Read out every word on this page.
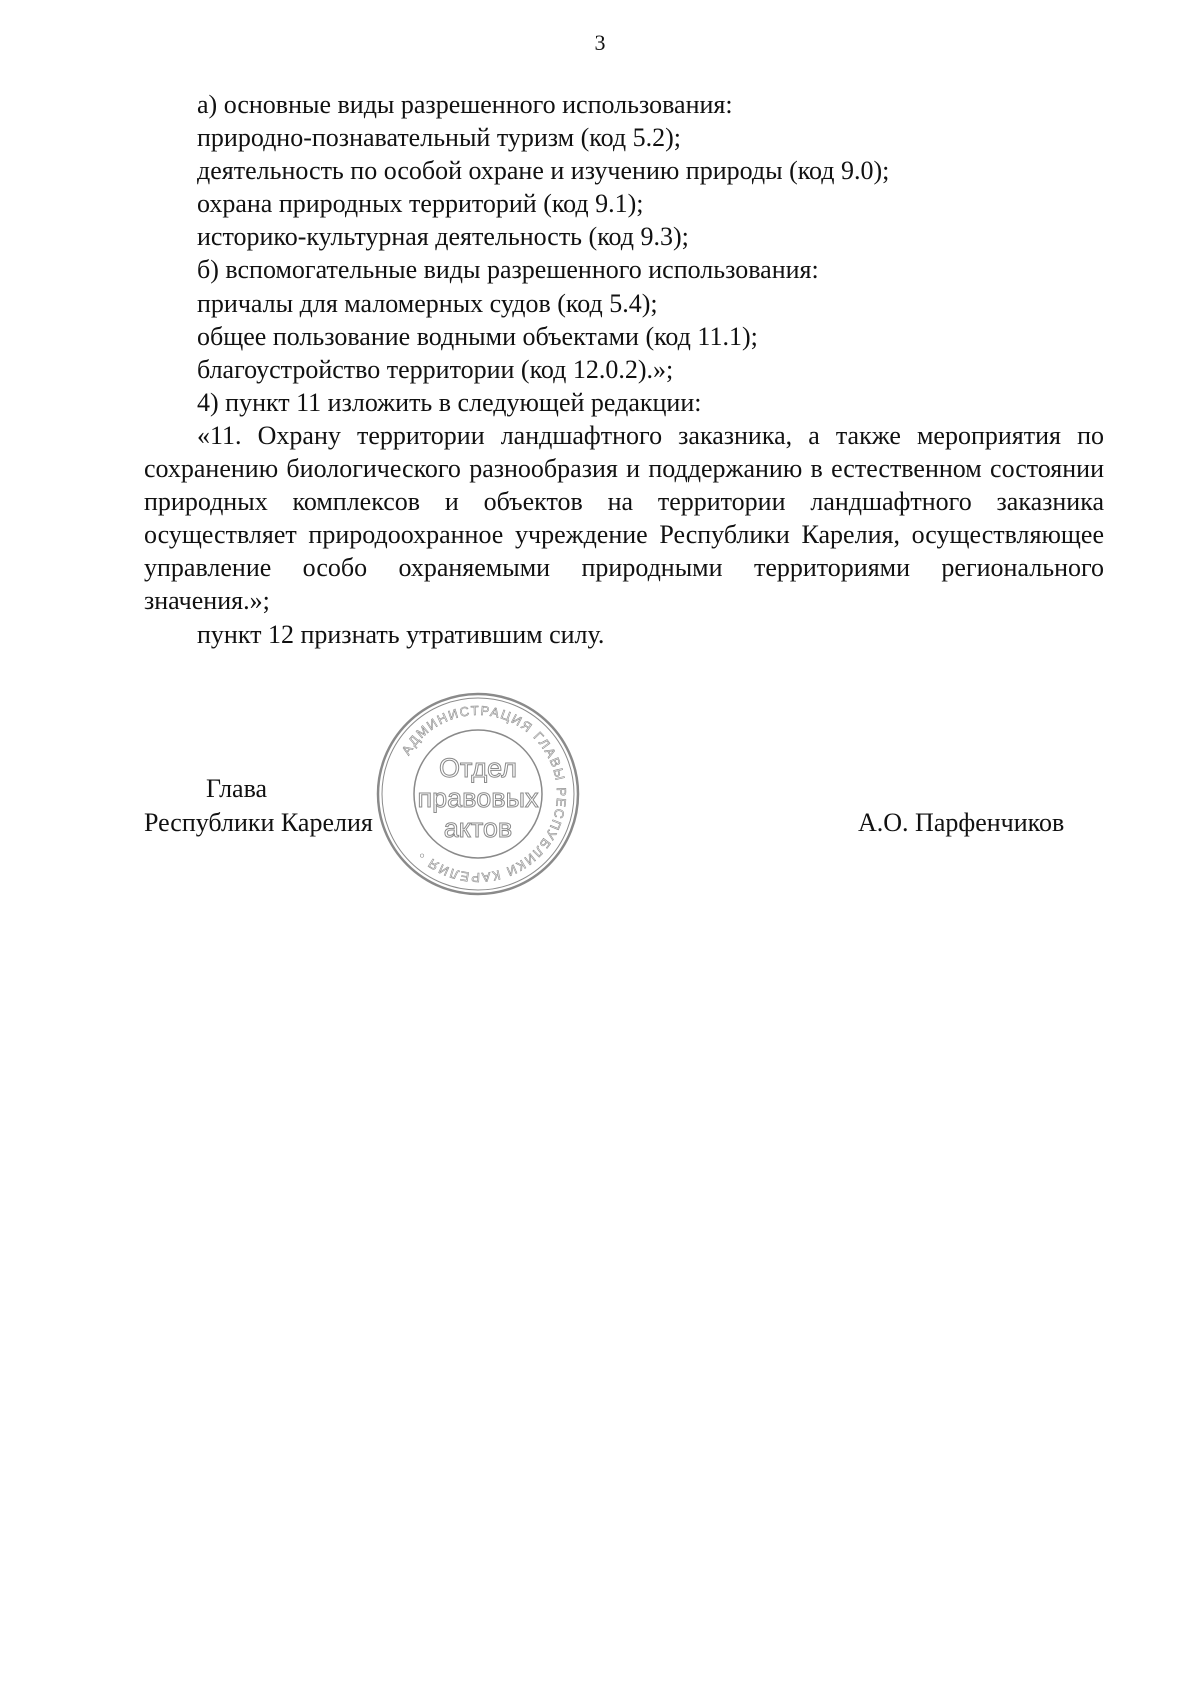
3

а) основные виды разрешенного использования:

природно-познавательный туризм (код 5.2);

деятельность по особой охране и изучению природы (код 9.0);

охрана природных территорий (код 9.1);

историко-культурная деятельность (код 9.3);

б) вспомогательные виды разрешенного использования:

причалы для маломерных судов (код 5.4);

общее пользование водными объектами (код 11.1);

благоустройство территории (код 12.0.2).»;

4) пункт 11 изложить в следующей редакции:

«11. Охрану территории ландшафтного заказника, а также мероприятия по сохранению биологического разнообразия и поддержанию в естественном состоянии природных комплексов и объектов на территории ландшафтного заказника осуществляет природоохранное учреждение Республики Карелия, осуществляющее управление особо охраняемыми природными территориями регионального значения.»;

пункт 12 признать утратившим силу.

Глава
Республики Карелия	А.О. Парфенчиков
АДМИНИСТРАЦИЯ ГЛАВЫ РЕСПУБЛИКИ КАРЕЛИЯ •
Отдел
правовых
актов
